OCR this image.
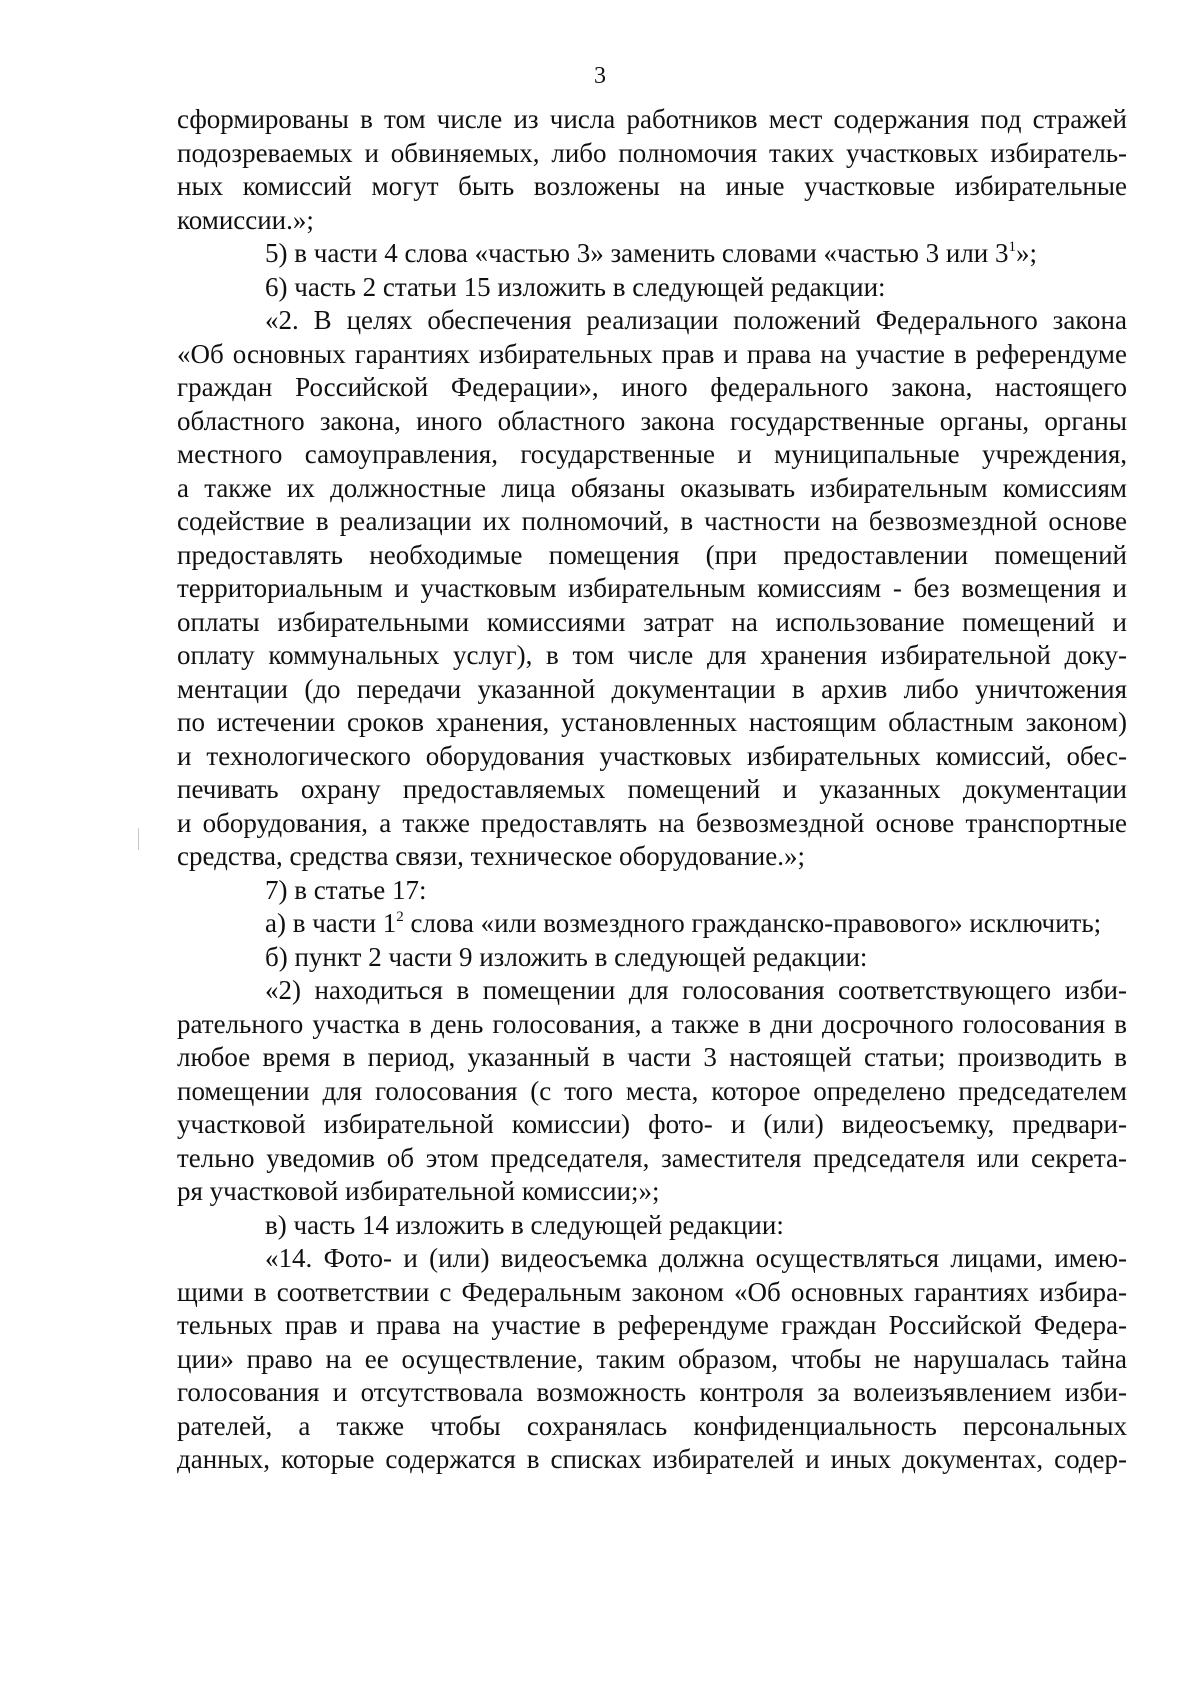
3
сформированы в том числе из числа работников мест содержания под стражей
подозреваемых и обвиняемых, либо полномочия таких участковых избиратель-
ных комиссий могут быть возложены на иные участковые избирательные
комиссии.»;
5) в части 4 слова «частью 3» заменить словами «частью 3 или $3^1$»;
6) часть 2 статьи 15 изложить в следующей редакции:
«2. В целях обеспечения реализации положений Федерального закона
«Об основных гарантиях избирательных прав и права на участие в референдуме
граждан Российской Федерации», иного федерального закона, настоящего
областного закона, иного областного закона государственные органы, органы
местного самоуправления, государственные и муниципальные учреждения,
а также их должностные лица обязаны оказывать избирательным комиссиям
содействие в реализации их полномочий, в частности на безвозмездной основе
предоставлять необходимые помещения (при предоставлении помещений
территориальным и участковым избирательным комиссиям - без возмещения и
оплаты избирательными комиссиями затрат на использование помещений и
оплату коммунальных услуг), в том числе для хранения избирательной доку-
ментации (до передачи указанной документации в архив либо уничтожения
по истечении сроков хранения, установленных настоящим областным законом)
и технологического оборудования участковых избирательных комиссий, обес-
печивать охрану предоставляемых помещений и указанных документации
и оборудования, а также предоставлять на безвозмездной основе транспортные
средства, средства связи, техническое оборудование.»;
7) в статье 17:
а) в части $1^2$ слова «или возмездного гражданско-правового» исключить;
б) пункт 2 части 9 изложить в следующей редакции:
«2) находиться в помещении для голосования соответствующего изби-
рательного участка в день голосования, а также в дни досрочного голосования в
любое время в период, указанный в части 3 настоящей статьи; производить в
помещении для голосования (с того места, которое определено председателем
участковой избирательной комиссии) фото- и (или) видеосъемку, предвари-
тельно уведомив об этом председателя, заместителя председателя или секрета-
ря участковой избирательной комиссии;»;
в) часть 14 изложить в следующей редакции:
«14. Фото- и (или) видеосъемка должна осуществляться лицами, имею-
щими в соответствии с Федеральным законом «Об основных гарантиях избира-
тельных прав и права на участие в референдуме граждан Российской Федера-
ции» право на ее осуществление, таким образом, чтобы не нарушалась тайна
голосования и отсутствовала возможность контроля за волеизъявлением изби-
рателей, а также чтобы сохранялась конфиденциальность персональных
данных, которые содержатся в списках избирателей и иных документах, содер-
